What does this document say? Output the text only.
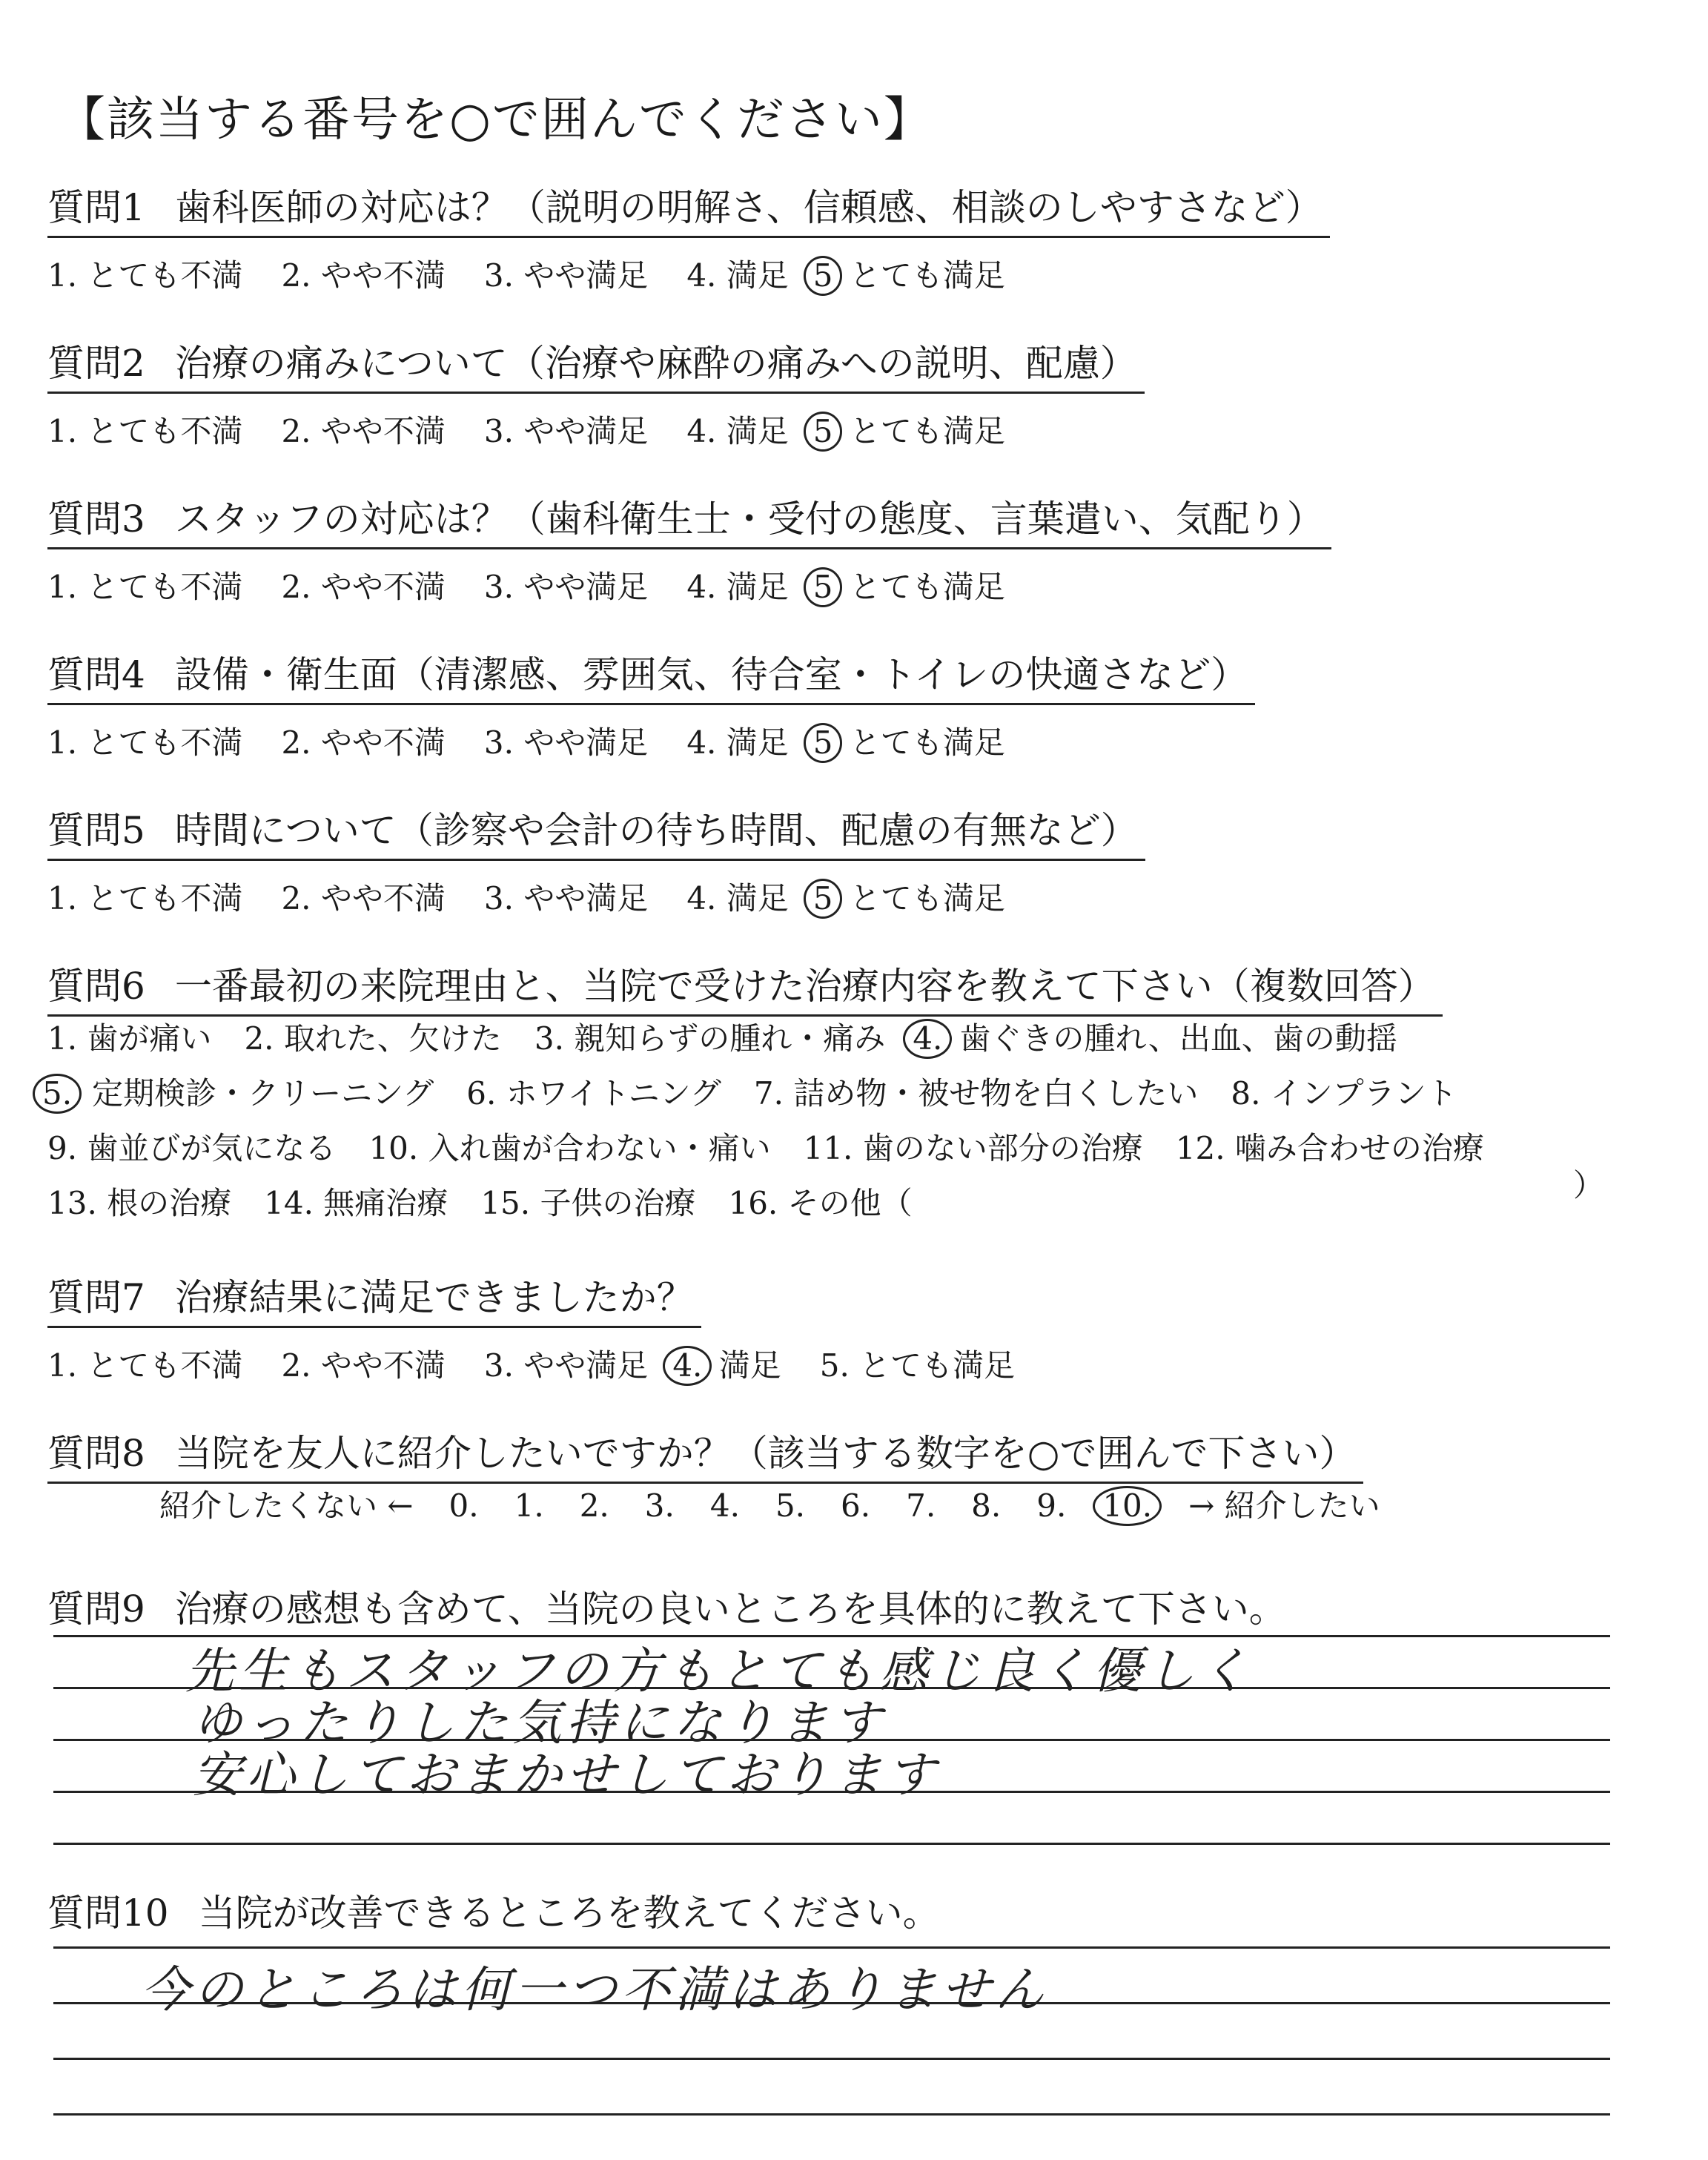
【該当する番号を○で囲んでください】
質問1 歯科医師の対応は？（説明の明解さ、信頼感、相談のしやすさなど）
1. とても不満 2. やや不満 3. やや満足 4. 満足 5 とても満足
質問2 治療の痛みについて（治療や麻酔の痛みへの説明、配慮）
1. とても不満 2. やや不満 3. やや満足 4. 満足 5 とても満足
質問3 スタッフの対応は？（歯科衛生士・受付の態度、言葉遣い、気配り）
1. とても不満 2. やや不満 3. やや満足 4. 満足 5 とても満足
質問4 設備・衛生面（清潔感、雰囲気、待合室・トイレの快適さなど）
1. とても不満 2. やや不満 3. やや満足 4. 満足 5 とても満足
質問5 時間について（診察や会計の待ち時間、配慮の有無など）
1. とても不満 2. やや不満 3. やや満足 4. 満足 5 とても満足
質問6 一番最初の来院理由と、当院で受けた治療内容を教えて下さい（複数回答）
1. 歯が痛い 2. 取れた、欠けた 3. 親知らずの腫れ・痛み 4. 歯ぐきの腫れ、出血、歯の動揺
5. 定期検診・クリーニング 6. ホワイトニング 7. 詰め物・被せ物を白くしたい 8. インプラント
9. 歯並びが気になる 10. 入れ歯が合わない・痛い 11. 歯のない部分の治療 12. 噛み合わせの治療
13. 根の治療 14. 無痛治療 15. 子供の治療 16. その他（	）
質問7 治療結果に満足できましたか？
1. とても不満 2. やや不満 3. やや満足 4. 満足 5. とても満足
質問8 当院を友人に紹介したいですか？（該当する数字を○で囲んで下さい）
紹介したくない ← 0. 1. 2. 3. 4. 5. 6. 7. 8. 9. 10. → 紹介したい
質問9 治療の感想も含めて、当院の良いところを具体的に教えて下さい。
先生もスタッフの方もとても感じ良く優しく
ゆったりした気持になります
安心しておまかせしております
質問10 当院が改善できるところを教えてください。
今のところは何一つ不満はありません
